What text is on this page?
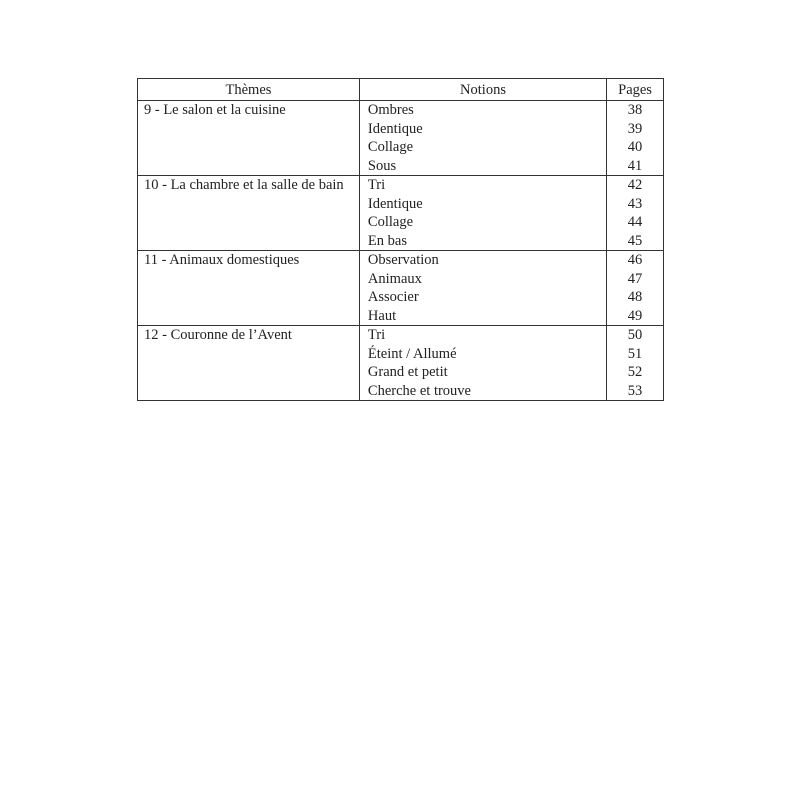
Thèmes	Notions	Pages
9 - Le salon et la cuisine	Ombres	38
	Identique	39
	Collage	40
	Sous	41
10 - La chambre et la salle de bain	Tri	42
	Identique	43
	Collage	44
	En bas	45
11 - Animaux domestiques	Observation	46
	Animaux	47
	Associer	48
	Haut	49
12 - Couronne de l’Avent	Tri	50
	Éteint / Allumé	51
	Grand et petit	52
	Cherche et trouve	53
